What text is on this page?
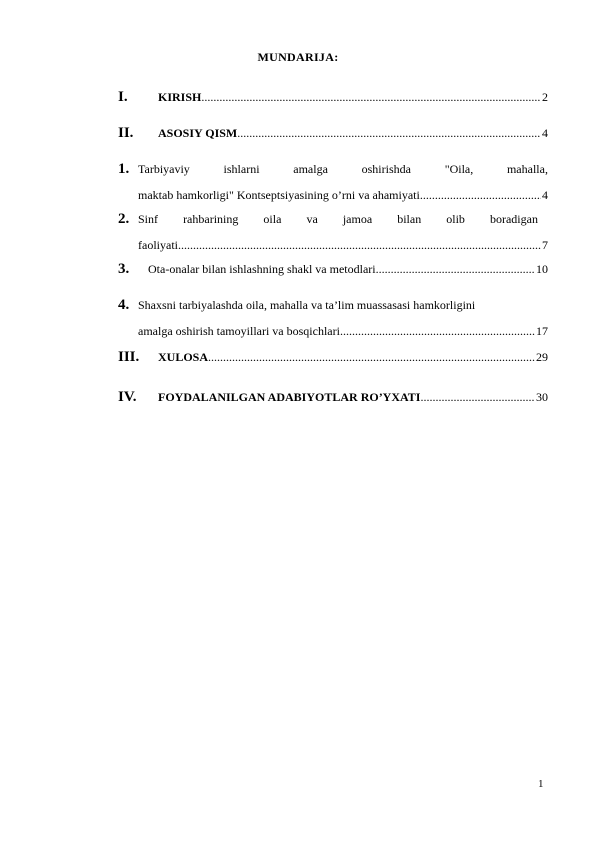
MUNDARIJA:
I.	KIRISH .....	2
II. ASOSIY QISM .....	4
1. Tarbiyaviy	ishlarni	amalga	oshirishda	"Oila,	mahalla,
maktab hamkorligi" Kontseptsiyasining o’rni va ahamiyati .....	4
2. Sinf rahbarining oila va jamoa bilan olib boradigan
faoliyati .....	7
3. Ota-onalar bilan ishlashning shakl va metodlari .....	10
4. Shaxsni tarbiyalashda oila, mahalla va ta’lim muassasasi hamkorligini
amalga oshirish tamoyillari va bosqichlari .....	17
III. XULOSA .....	29
IV. FOYDALANILGAN ADABIYOTLAR RO’YXATI .....	30
1
